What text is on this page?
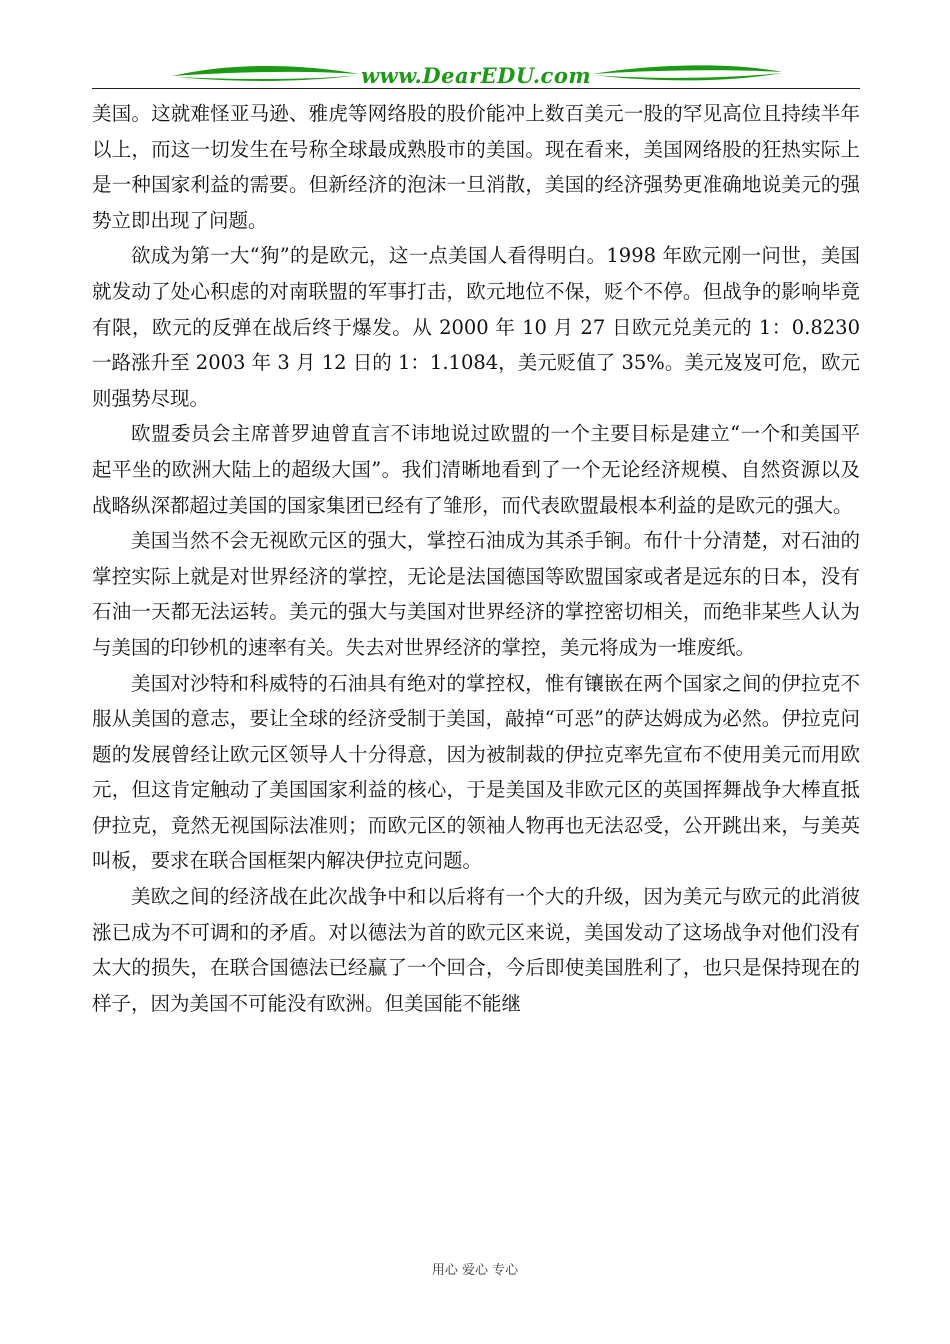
www.DearEDU.com

美国。这就难怪亚马逊、雅虎等网络股的股价能冲上数百美元一股的罕见高位且持续半年以上，而这一切发生在号称全球最成熟股市的美国。现在看来，美国网络股的狂热实际上是一种国家利益的需要。但新经济的泡沫一旦消散，美国的经济强势更准确地说美元的强势立即出现了问题。

欲成为第一大“狗”的是欧元，这一点美国人看得明白。1998 年欧元刚一问世，美国就发动了处心积虑的对南联盟的军事打击，欧元地位不保，贬个不停。但战争的影响毕竟有限，欧元的反弹在战后终于爆发。从 2000 年 10 月 27 日欧元兑美元的 1：0.8230 一路涨升至 2003 年 3 月 12 日的 1：1.1084，美元贬值了 35%。美元岌岌可危，欧元则强势尽现。

欧盟委员会主席普罗迪曾直言不讳地说过欧盟的一个主要目标是建立“一个和美国平起平坐的欧洲大陆上的超级大国”。我们清晰地看到了一个无论经济规模、自然资源以及战略纵深都超过美国的国家集团已经有了雏形，而代表欧盟最根本利益的是欧元的强大。

美国当然不会无视欧元区的强大，掌控石油成为其杀手锏。布什十分清楚，对石油的掌控实际上就是对世界经济的掌控，无论是法国德国等欧盟国家或者是远东的日本，没有石油一天都无法运转。美元的强大与美国对世界经济的掌控密切相关，而绝非某些人认为与美国的印钞机的速率有关。失去对世界经济的掌控，美元将成为一堆废纸。

美国对沙特和科威特的石油具有绝对的掌控权，惟有镶嵌在两个国家之间的伊拉克不服从美国的意志，要让全球的经济受制于美国，敲掉“可恶”的萨达姆成为必然。伊拉克问题的发展曾经让欧元区领导人十分得意，因为被制裁的伊拉克率先宣布不使用美元而用欧元，但这肯定触动了美国国家利益的核心，于是美国及非欧元区的英国挥舞战争大棒直抵伊拉克，竟然无视国际法准则；而欧元区的领袖人物再也无法忍受，公开跳出来，与美英叫板，要求在联合国框架内解决伊拉克问题。

美欧之间的经济战在此次战争中和以后将有一个大的升级，因为美元与欧元的此消彼涨已成为不可调和的矛盾。对以德法为首的欧元区来说，美国发动了这场战争对他们没有太大的损失，在联合国德法已经赢了一个回合，今后即使美国胜利了，也只是保持现在的样子，因为美国不可能没有欧洲。但美国能不能继

用心 爱心 专心
